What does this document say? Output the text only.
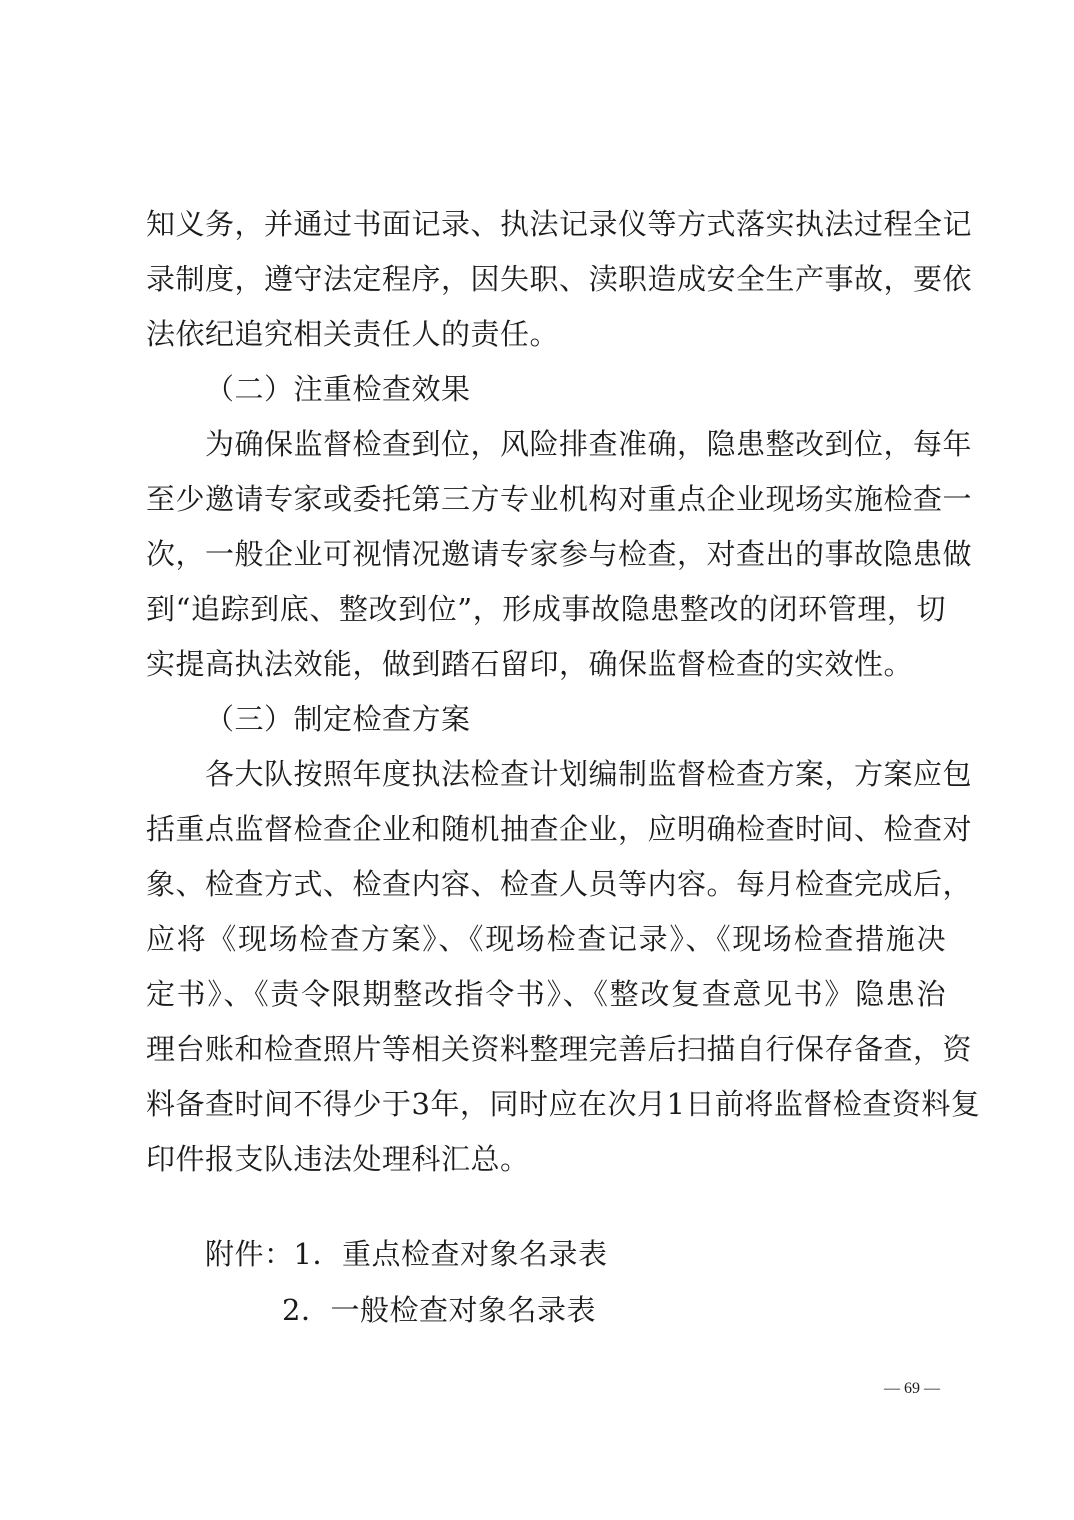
知义务，并通过书面记录、执法记录仪等方式落实执法过程全记
录制度，遵守法定程序，因失职、渎职造成安全生产事故，要依
法依纪追究相关责任人的责任。
（二）注重检查效果
为确保监督检查到位，风险排查准确，隐患整改到位，每年
至少邀请专家或委托第三方专业机构对重点企业现场实施检查一
次，一般企业可视情况邀请专家参与检查，对查出的事故隐患做
到“追踪到底、整改到位”，形成事故隐患整改的闭环管理，切
实提高执法效能，做到踏石留印，确保监督检查的实效性。
（三）制定检查方案
各大队按照年度执法检查计划编制监督检查方案，方案应包
括重点监督检查企业和随机抽查企业，应明确检查时间、检查对
象、检查方式、检查内容、检查人员等内容。每月检查完成后，
应将《现场检查方案》、《现场检查记录》、《现场检查措施决
定书》、《责令限期整改指令书》、《整改复查意见书》隐患治
理台账和检查照片等相关资料整理完善后扫描自行保存备查，资
料备查时间不得少于3年，同时应在次月1日前将监督检查资料复
印件报支队违法处理科汇总。
附件：1．重点检查对象名录表
2．一般检查对象名录表
— 69 —
